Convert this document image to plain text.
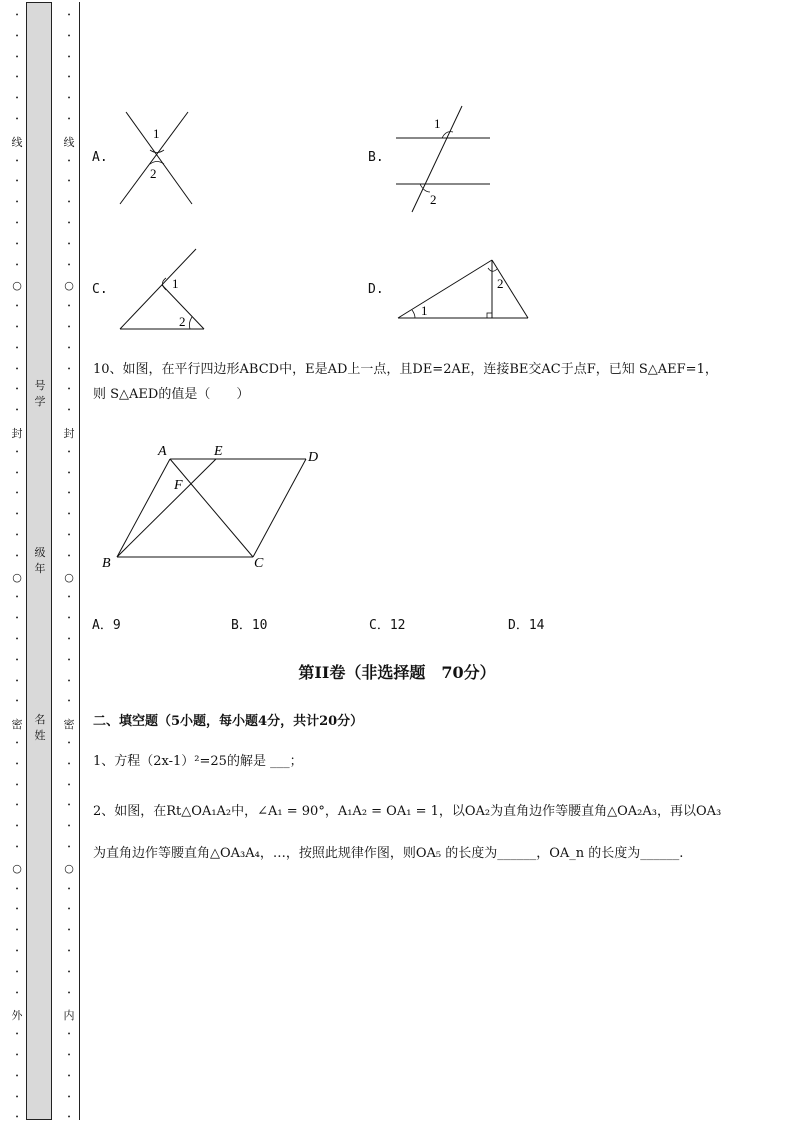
•
•
•
•
•
•
•
•
•
•
•
•
○
•
•
•
•
•
•
•
•
•
•
•
•
○
•
•
•
•
•
•
•
•
•
•
•
•
○
•
•
•
•
•
•
•
•
•
•
•
•
•
•
•
•
•
•
•
•
•
•
•
○
•
•
•
•
•
•
•
•
•
•
•
•
○
•
•
•
•
•
•
•
•
•
•
•
•
○
•
•
•
•
•
•
•
•
•
•
•
线
封
密
外
线
封
密
内
号学
级年
名姓
A.
1
2
B.
1
2
C.	1
2
D.
1
2
10、如图，在平行四边形ABCD中，E是AD上一点，且DE=2AE，连接BE交AC于点F，已知 S△AEF=1，
则 S△AED的值是（　　）
A	E	D
F
B	C
A．9	B．10	C．12	D．14
第II卷（非选择题　70分）
二、填空题（5小题，每小题4分，共计20分）
1、方程（2x-1）²=25的解是 ___；
2、如图，在Rt△OA₁A₂中，∠A₁ = 90°，A₁A₂ = OA₁ = 1，以OA₂为直角边作等腰直角△OA₂A₃，再以OA₃
为直角边作等腰直角△OA₃A₄，…，按照此规律作图，则OA₅ 的长度为______，OA_n 的长度为______.
